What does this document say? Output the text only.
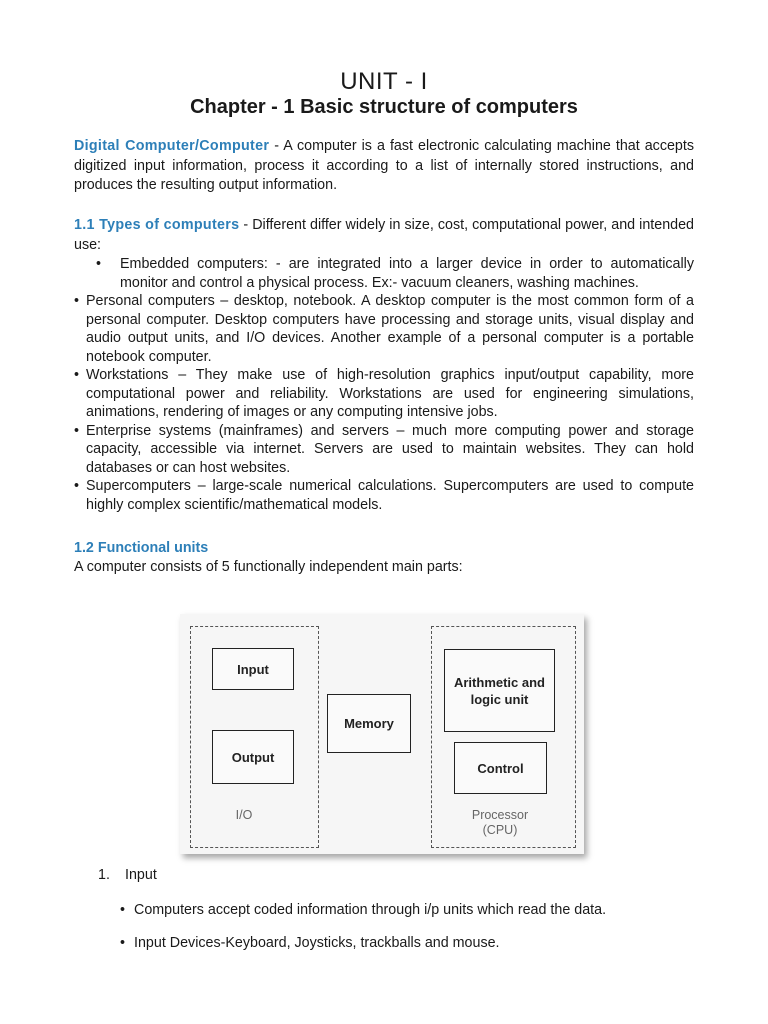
UNIT - I
Chapter - 1 Basic structure of computers
Digital Computer/Computer - A computer is a fast electronic calculating machine that accepts digitized input information, process it according to a list of internally stored instructions, and produces the resulting output information.
1.1 Types of computers - Different differ widely in size, cost, computational power, and intended use:
• Embedded computers: - are integrated into a larger device in order to automatically monitor and control a physical process. Ex:- vacuum cleaners, washing machines.
• Personal computers – desktop, notebook. A desktop computer is the most common form of a personal computer. Desktop computers have processing and storage units, visual display and audio output units, and I/O devices. Another example of a personal computer is a portable notebook computer.
• Workstations – They make use of high-resolution graphics input/output capability, more computational power and reliability. Workstations are used for engineering simulations, animations, rendering of images or any computing intensive jobs.
• Enterprise systems (mainframes) and servers – much more computing power and storage capacity, accessible via internet. Servers are used to maintain websites. They can hold databases or can host websites.
• Supercomputers – large-scale numerical calculations. Supercomputers are used to compute highly complex scientific/mathematical models.
1.2 Functional units
A computer consists of 5 functionally independent main parts:
Input
Output
Memory
Arithmetic and logic unit
Control
I/O	Processor (CPU)
1. Input
• Computers accept coded information through i/p units which read the data.
• Input Devices-Keyboard, Joysticks, trackballs and mouse.
